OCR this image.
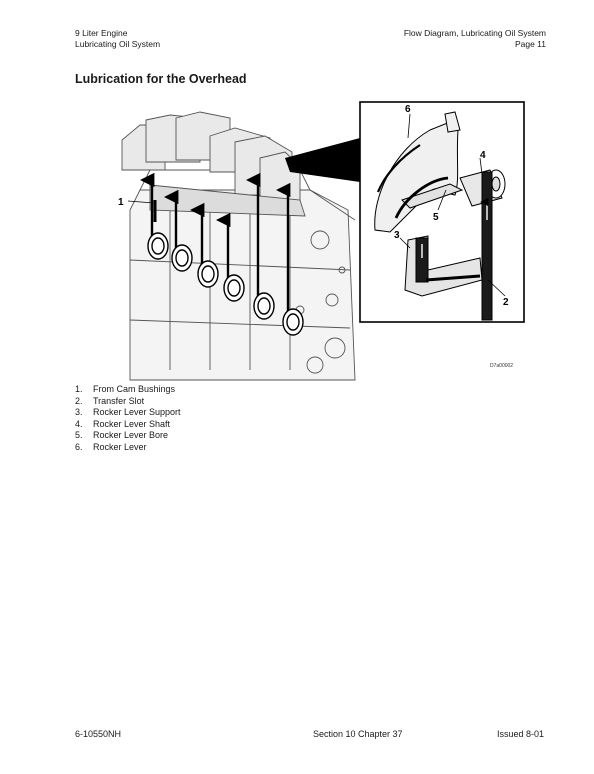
9 Liter Engine
Lubricating Oil System
Flow Diagram, Lubricating Oil System
Page 11
Lubrication for the Overhead
1
6
4
5
3
2
D7a00002
1.	From Cam Bushings
2.	Transfer Slot
3.	Rocker Lever Support
4.	Rocker Lever Shaft
5.	Rocker Lever Bore
6.	Rocker Lever
6-10550NH	Section 10 Chapter 37	Issued 8-01
